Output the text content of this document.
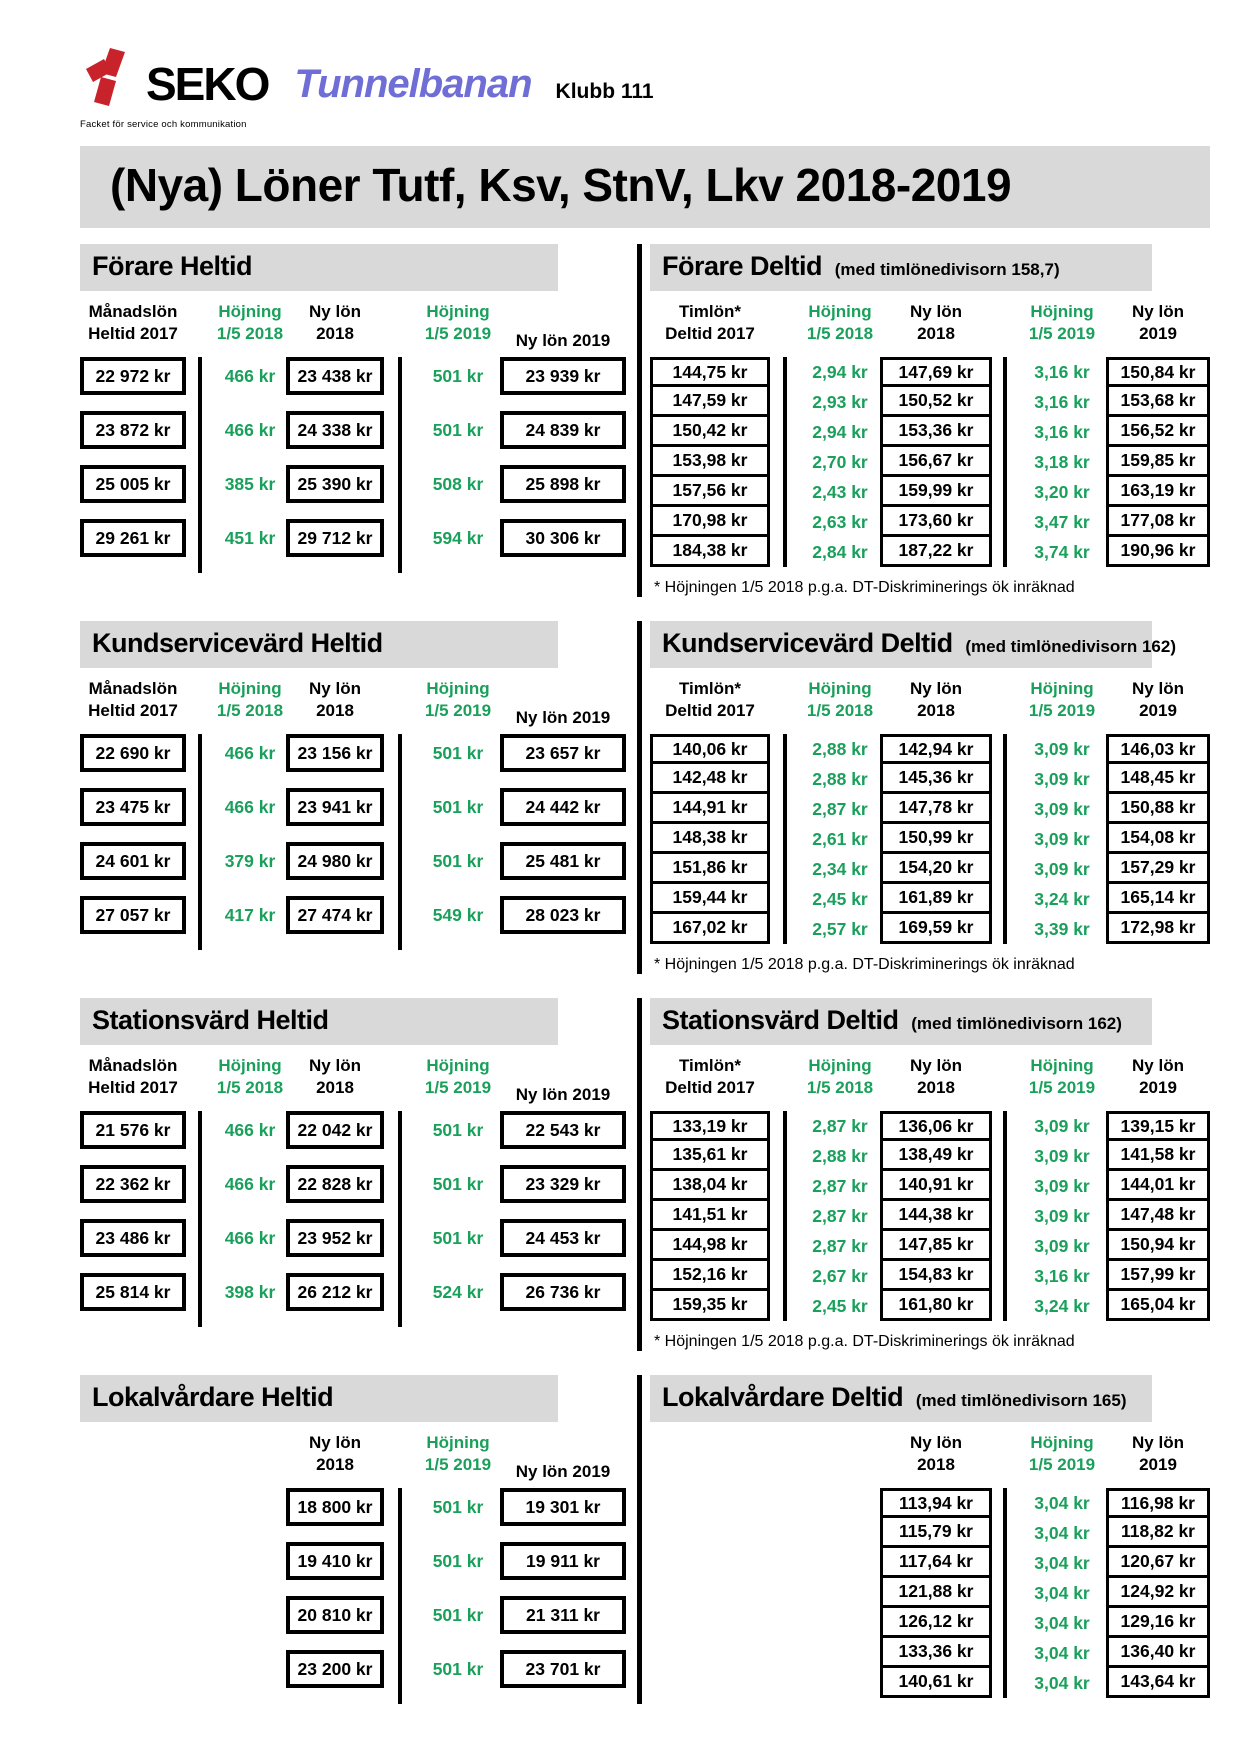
SEKO Tunnelbanan Klubb 111
Facket för service och kommunikation
(Nya) Löner Tutf, Ksv, StnV, Lkv 2018-2019
Förare Heltid
Månadslön
Heltid 2017
Höjning
1/5 2018
Ny lön
2018
Höjning
1/5 2019	Ny lön 2019
22 972 kr	466 kr	23 438 kr	501 kr	23 939 kr
23 872 kr	466 kr	24 338 kr	501 kr	24 839 kr
25 005 kr	385 kr	25 390 kr	508 kr	25 898 kr
29 261 kr	451 kr	29 712 kr	594 kr	30 306 kr
Förare Deltid (med timlönedivisorn 158,7)
Timlön*
Deltid 2017
Höjning
1/5 2018
Ny lön
2018
Höjning
1/5 2019
Ny lön
2019
144,75 kr	2,94 kr	147,69 kr	3,16 kr	150,84 kr
147,59 kr	2,93 kr	150,52 kr	3,16 kr	153,68 kr
150,42 kr	2,94 kr	153,36 kr	3,16 kr	156,52 kr
153,98 kr	2,70 kr	156,67 kr	3,18 kr	159,85 kr
157,56 kr	2,43 kr	159,99 kr	3,20 kr	163,19 kr
170,98 kr	2,63 kr	173,60 kr	3,47 kr	177,08 kr
184,38 kr	2,84 kr	187,22 kr	3,74 kr	190,96 kr
* Höjningen 1/5 2018 p.g.a. DT-Diskriminerings ök inräknad
Kundservicevärd Heltid
Månadslön
Heltid 2017
Höjning
1/5 2018
Ny lön
2018
Höjning
1/5 2019	Ny lön 2019
22 690 kr	466 kr	23 156 kr	501 kr	23 657 kr
23 475 kr	466 kr	23 941 kr	501 kr	24 442 kr
24 601 kr	379 kr	24 980 kr	501 kr	25 481 kr
27 057 kr	417 kr	27 474 kr	549 kr	28 023 kr
Kundservicevärd Deltid (med timlönedivisorn 162)
Timlön*
Deltid 2017
Höjning
1/5 2018
Ny lön
2018
Höjning
1/5 2019
Ny lön
2019
140,06 kr	2,88 kr	142,94 kr	3,09 kr	146,03 kr
142,48 kr	2,88 kr	145,36 kr	3,09 kr	148,45 kr
144,91 kr	2,87 kr	147,78 kr	3,09 kr	150,88 kr
148,38 kr	2,61 kr	150,99 kr	3,09 kr	154,08 kr
151,86 kr	2,34 kr	154,20 kr	3,09 kr	157,29 kr
159,44 kr	2,45 kr	161,89 kr	3,24 kr	165,14 kr
167,02 kr	2,57 kr	169,59 kr	3,39 kr	172,98 kr
* Höjningen 1/5 2018 p.g.a. DT-Diskriminerings ök inräknad
Stationsvärd Heltid
Månadslön
Heltid 2017
Höjning
1/5 2018
Ny lön
2018
Höjning
1/5 2019	Ny lön 2019
21 576 kr	466 kr	22 042 kr	501 kr	22 543 kr
22 362 kr	466 kr	22 828 kr	501 kr	23 329 kr
23 486 kr	466 kr	23 952 kr	501 kr	24 453 kr
25 814 kr	398 kr	26 212 kr	524 kr	26 736 kr
Stationsvärd Deltid (med timlönedivisorn 162)
Timlön*
Deltid 2017
Höjning
1/5 2018
Ny lön
2018
Höjning
1/5 2019
Ny lön
2019
133,19 kr	2,87 kr	136,06 kr	3,09 kr	139,15 kr
135,61 kr	2,88 kr	138,49 kr	3,09 kr	141,58 kr
138,04 kr	2,87 kr	140,91 kr	3,09 kr	144,01 kr
141,51 kr	2,87 kr	144,38 kr	3,09 kr	147,48 kr
144,98 kr	2,87 kr	147,85 kr	3,09 kr	150,94 kr
152,16 kr	2,67 kr	154,83 kr	3,16 kr	157,99 kr
159,35 kr	2,45 kr	161,80 kr	3,24 kr	165,04 kr
* Höjningen 1/5 2018 p.g.a. DT-Diskriminerings ök inräknad
Lokalvårdare Heltid
Ny lön
2018
Höjning
1/5 2019	Ny lön 2019
18 800 kr	501 kr	19 301 kr
19 410 kr	501 kr	19 911 kr
20 810 kr	501 kr	21 311 kr
23 200 kr	501 kr	23 701 kr
Lokalvårdare Deltid (med timlönedivisorn 165)
Ny lön
2018
Höjning
1/5 2019
Ny lön
2019
113,94 kr	3,04 kr	116,98 kr
115,79 kr	3,04 kr	118,82 kr
117,64 kr	3,04 kr	120,67 kr
121,88 kr	3,04 kr	124,92 kr
126,12 kr	3,04 kr	129,16 kr
133,36 kr	3,04 kr	136,40 kr
140,61 kr	3,04 kr	143,64 kr
